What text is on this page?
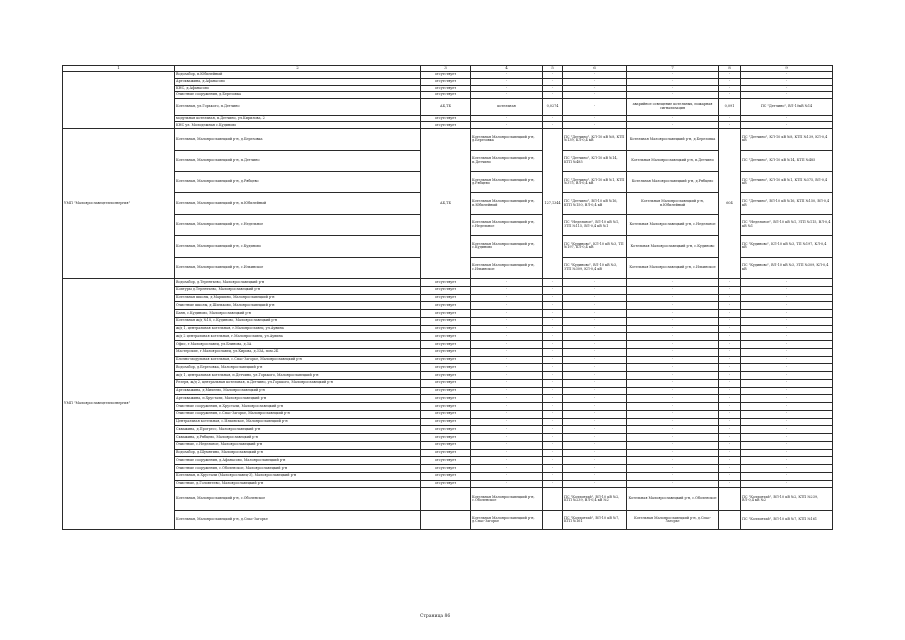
1	2	3	4	5	6	7	8	9
	Водозабор, п.Юбилейный	отсутствует	-	-	-	-	-	-
	Артскважина, д.Афанасово	отсутствует	-	-	-	-	-	-
	КНС, д.Афанасово	отсутствует	-	-	-	-	-	-
	Очистные сооружения, д.Березовка	отсутствует	-	-	-	-	-	-
	Котельная, ул.Горького, п.Детчино	АБ,ТБ	котельная	0,0274	-	аварийное освещение котельных, пожарная сигнализация	0,091	ПС "Детчино", ВЛ-10кВ №14
	модульная котельная, п.Детчино, ул.Кирилова, 2	отсутствует	-	-	-	-	-	-
	КНС ул. Молодежная с.Кудиново	отсутствует	-	-	-	-	-	-
УМП "Малоярославецтеплоэнергия"	Котельная, Малоярославецкий р-н, д.Березовка	АБ,ТБ	Котельная Малоярославецкий р-н, д.Березовка	127,1344	ПС "Детчино", КЛ-10 кВ №8, КТП №139, КЛ-0,4 кВ	Котельная Малоярославецкий р-н, д.Березовка	604	ПС "Детчино", КЛ-10 кВ №8, КТП №139, КЛ-0,4 кВ
	Котельная, Малоярославецкий р-н, п.Детчино		Котельная Малоярославецкий р-н, п.Детчино		ПС "Детчино", КЛ-10 кВ №14, КТП №485	Котельная Малоярославецкий р-н, п.Детчино		ПС "Детчино", КЛ-10 кВ №14, КТП №485
	Котельная, Малоярославецкий р-н, д.Рябцево		Котельная Малоярославецкий р-н, д.Рябцево		ПС "Детчино", КЛ-10 кВ №1, КТП №375, ВЛ-0,4 кВ	Котельная Малоярославецкий р-н, д.Рябцево		ПС "Детчино", КЛ-10 кВ №1, КТП №375, ВЛ-0,4 кВ
	Котельная, Малоярославецкий р-н, п.Юбилейный		Котельная Малоярославецкий р-н, п.Юбилейный		ПС "Детчино", ВЛ-10 кВ №16, КТП №150, ВЛ-0,4 кВ	Котельная Малоярославецкий р-н, п.Юбилейный		ПС "Детчино", ВЛ-10 кВ №16, КТП №150, ВЛ-0,4 кВ
	Котельная, Малоярославецкий р-н, с.Недельное		Котельная Малоярославецкий р-н, с.Недельное		ПС "Недельное", ВЛ-10 кВ №1, ЗТП №115, ВЛ-0,4 кВ №1	Котельная Малоярославецкий р-н, с.Недельное		ПС "Недельное", ВЛ-10 кВ №1, ЗТП №115, ВЛ-0,4 кВ №1
	Котельная, Малоярославецкий р-н, с.Кудиново		Котельная Малоярославецкий р-н, с.Кудиново		ПС "Кудиново", КЛ-10 кВ №3, ТП №197, КЛ-0,4 кВ	Котельная Малоярославецкий р-н, с.Кудиново		ПС "Кудиново", КЛ-10 кВ №3, ТП №197, КЛ-0,4 кВ
	Котельная, Малоярославецкий р-н, с.Ильинское		Котельная Малоярославецкий р-н, с.Ильинское		ПС "Кудиново", ВЛ-10 кВ №3, ЗТП №309, КЛ-0,4 кВ	Котельная Малоярославецкий р-н, с.Ильинское		ПС "Кудиново", ВЛ-10 кВ №3, ЗТП №309, КЛ-0,4 кВ
УМП "Малоярославецтеплоэнергия"	Водозабор, д.Терентьево, Малоярославецкий р-н	отсутствует	-	-	-	-	-	-
	Коптуры д.Терентьево, Малоярославецкий р-н	отсутствует	-	-	-	-	-	-
	Котельная школы, д.Маршино, Малоярославецкий р-н	отсутствует	-	-	-	-	-	-
	Очистные школы, д.Шильково, Малоярославецкий р-н	отсутствует	-	-	-	-	-	-
	Баня, с.Кудиново, Малоярославецкий р-н	отсутствует	-	-	-	-	-	-
	Котельная ж/д №18, с.Кудиново, Малоярославецкий р-н	отсутствует	-	-	-	-	-	-
	ж/д 1, центральная котельная, г.Малоярославец, ул.Аувина	отсутствует	-	-	-	-	-	-
	ж/д 2 центральная котельная, г.Малоярославец, ул.Аувина	отсутствует	-	-	-	-	-	-
	Офис, г.Малоярославец, ул.Блинова, д.3А	отсутствует	-	-	-	-	-	-
	Мастерские, г.Малоярославец, ул.Кирова, д.33А, пом.2Б	отсутствует	-	-	-	-	-	-
	Блочно-модульная котельная, с.Спас-Загорье, Малоярославецкий р-н	отсутствует	-	-	-	-	-	-
	Водозабор, д.Березовка, Малоярославецкий р-н	отсутствует	-	-	-	-	-	-
	ж/д 1, центральная котельная, п.Детчино, ул.Горького, Малоярославецкий р-н	отсутствует	-	-	-	-	-	-
	Резерв, ж/д 2, центральная котельная, п.Детчино, ул.Горького, Малоярославецкий р-н	отсутствует	-	-	-	-	-	-
	Артскважина, д.Михеево, Малоярославецкий р-н	отсутствует	-	-	-	-	-	-
	Артскважина, п.Хрустали, Малоярославецкий р-н	отсутствует	-	-	-	-	-	-
	Очистные сооружения, п.Хрустали, Малоярославецкий р-н	отсутствует	-	-	-	-	-	-
	Очистные сооружения, с.Спас-Загорье, Малоярославецкий р-н	отсутствует	-	-	-	-	-	-
	Центральная котельная, с.Ильинское, Малоярославецкий р-н	отсутствует	-	-	-	-	-	-
	Скважина, д.Прогресс, Малоярославецкий р-н	отсутствует	-	-	-	-	-	-
	Скважина, д.Рябцево, Малоярославецкий р-н	отсутствует	-	-	-	-	-	-
	Очистные, с.Недельное, Малоярославецкий р-н	отсутствует	-	-	-	-	-	-
	Водозабор, д.Шумятино, Малоярославецкий р-н	отсутствует	-	-	-	-	-	-
	Очистные сооружения, д.Афанасово, Малоярославецкий р-н	отсутствует	-	-	-	-	-	-
	Очистные сооружения, с.Оболенское, Малоярославецкий р-н	отсутствует	-	-	-	-	-	-
	Котельная, п.Хрустали (Малоярославец-3), Малоярославецкий р-н	отсутствует	-	-	-	-	-	-
	Очистные, д.Головтеево, Малоярославецкий р-н	отсутствует	-	-	-	-	-	-
	Котельная, Малоярославецкий р-н, с.Оболенское		Котельная Малоярославецкий р-н, с.Оболенское		ПС "Коллонтай", ВЛ-10 кВ №2, КТП №239, ВЛ-0,4 кВ №2	Котельная Малоярославецкий р-н, с.Оболенское		ПС "Коллонтай", ВЛ-10 кВ №2, КТП №239, ВЛ-0,4 кВ №2
	Котельная, Малоярославецкий р-н, д.Спас-Загорье		Котельная Малоярославецкий р-н, д.Спас-Загорье		ПС "Коллонтай", ВЛ-10 кВ №7, КТП №161	Котельная Малоярославецкий р-н, д.Спас-Загорье		ПС "Коллонтай", ВЛ-10 кВ №7, КТП №161
Страница 86
